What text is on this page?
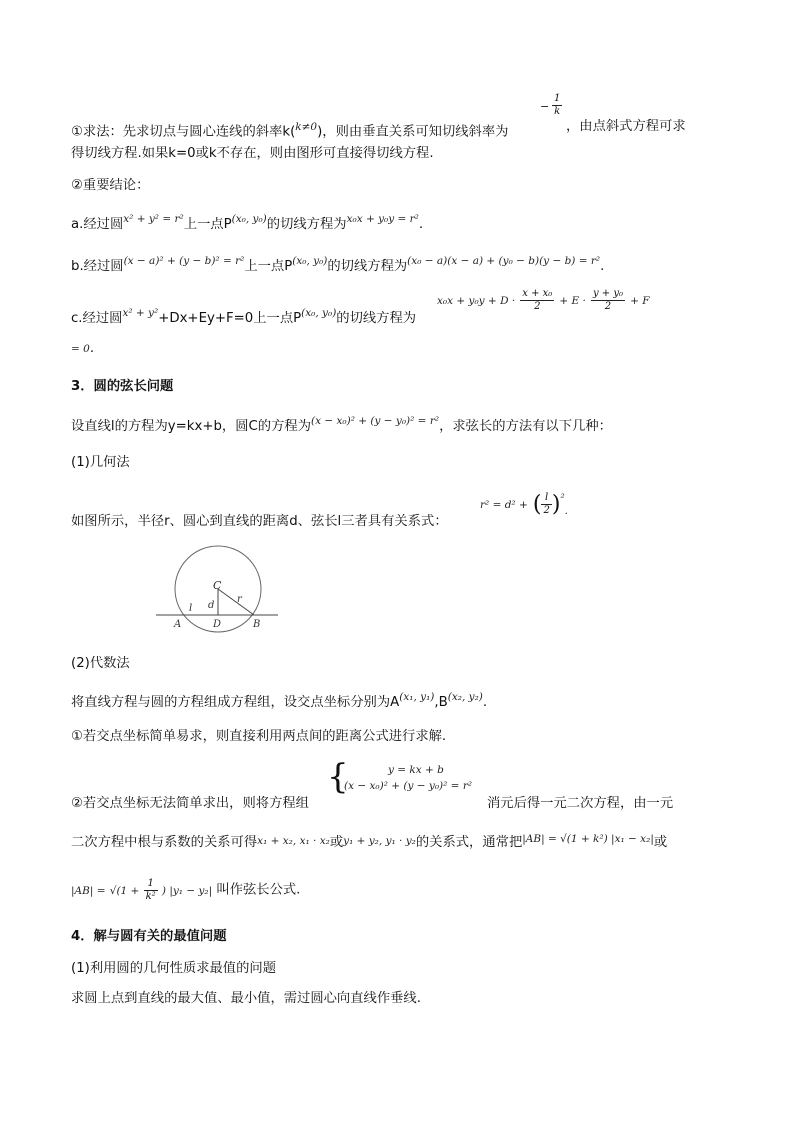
①求法：先求切点与圆心连线的斜率k($^{k\ne 0}$)，则由垂直关系可知切线斜率为
− $\frac{1}{k}$
，由点斜式方程可求
得切线方程.如果k=0或k不存在，则由图形可直接得切线方程.
②重要结论：
a.经过圆x² + y² = r²上一点P(x₀, y₀)的切线方程为x₀x + y₀y = r².
b.经过圆(x − a)² + (y − b)² = r²上一点P(x₀, y₀)的切线方程为(x₀ − a)(x − a) + (y₀ − b)(y − b) = r².
c.经过圆x² + y²+Dx+Ey+F=0上一点P(x₀, y₀)的切线方程为
$x_0x + y_0y + D \cdot \frac{\text{x + x₀}}{2} + E \cdot \frac{\text{y + y₀}}{2} + F$
= 0.
3．圆的弦长问题
设直线l的方程为y=kx+b，圆C的方程为(x − x₀)² + (y − y₀)² = r²，求弦长的方法有以下几种：
(1)几何法
如图所示，半径r、圆心到直线的距离d、弦长l三者具有关系式：
r² = d² + ( $\frac{l}{2} )^{^2}$.
C
d
r
l
A	D	B
(2)代数法
将直线方程与圆的方程组成方程组，设交点坐标分别为A(x₁, y₁),B(x₂, y₂).
①若交点坐标简单易求，则直接利用两点间的距离公式进行求解.
②若交点坐标无法简单求出，则将方程组
{	y = kx + b
(x − x₀)² + (y − y₀)² = r²
消元后得一元二次方程，由一元
二次方程中根与系数的关系可得x₁ + x₂, x₁ · x₂或y₁ + y₂, y₁ · y₂的关系式，通常把|AB| = √(1 + k²) |x₁ − x₂|或
$|AB| = √(1 + \frac{1}{\text{k²}}$ ) |y₁ − y₂| 叫作弦长公式.
4．解与圆有关的最值问题
(1)利用圆的几何性质求最值的问题
求圆上点到直线的最大值、最小值，需过圆心向直线作垂线.
